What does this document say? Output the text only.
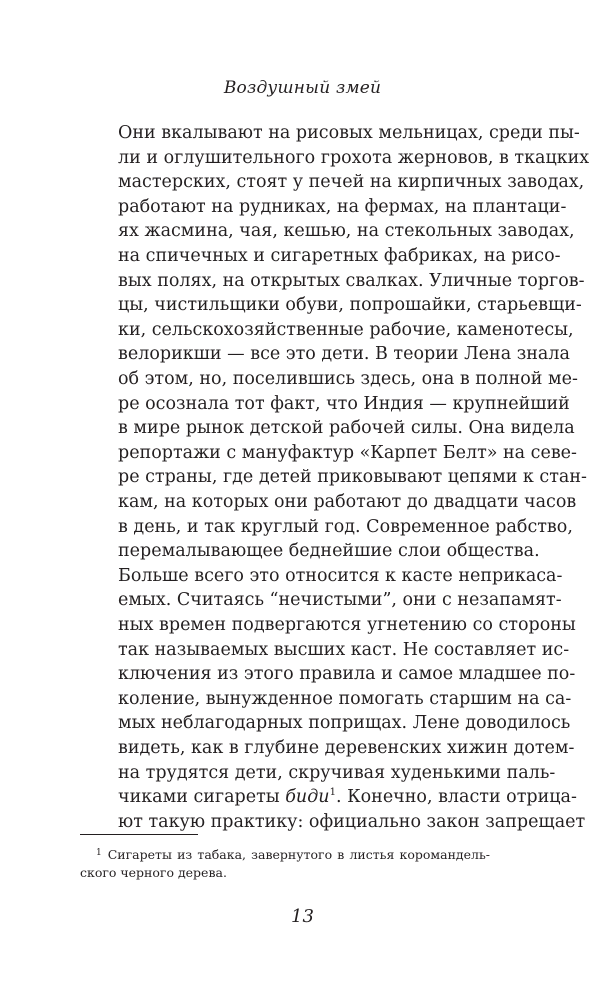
Воздушный змей
Они вкалывают на рисовых мельницах, среди пы-
ли и оглушительного грохота жерновов, в ткацких
мастерских, стоят у печей на кирпичных заводах,
работают на рудниках, на фермах, на плантаци-
ях жасмина, чая, кешью, на стекольных заводах,
на спичечных и сигаретных фабриках, на рисо-
вых полях, на открытых свалках. Уличные торгов-
цы, чистильщики обуви, попрошайки, старьевщи-
ки, сельскохозяйственные рабочие, каменотесы,
велорикши — все это дети. В теории Лена знала
об этом, но, поселившись здесь, она в полной ме-
ре осознала тот факт, что Индия — крупнейший
в мире рынок детской рабочей силы. Она видела
репортажи с мануфактур «Карпет Белт» на севе-
ре страны, где детей приковывают цепями к стан-
кам, на которых они работают до двадцати часов
в день, и так круглый год. Современное рабство,
перемалывающее беднейшие слои общества.
Больше всего это относится к касте неприкаса-
емых. Считаясь “нечистыми”, они с незапамят-
ных времен подвергаются угнетению со стороны
так называемых высших каст. Не составляет ис-
ключения из этого правила и самое младшее по-
коление, вынужденное помогать старшим на са-
мых неблагодарных поприщах. Лене доводилось
видеть, как в глубине деревенских хижин дотем-
на трудятся дети, скручивая худенькими паль-
чиками сигареты биди$^1$. Конечно, власти отрица-
ют такую практику: официально закон запрещает
$^1$ Сигареты из табака, завернутого в листья коромандель-
ского черного дерева.
13
